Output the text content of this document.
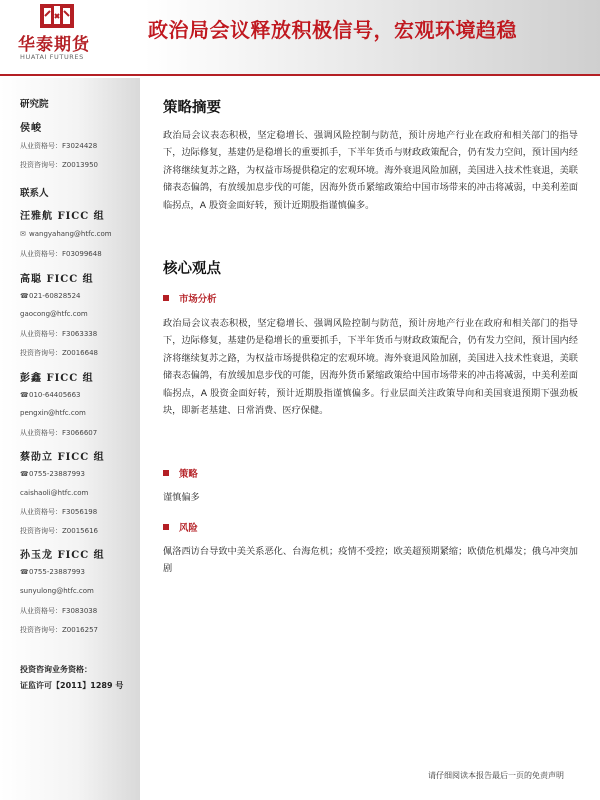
华泰期货
HUATAI FUTURES
政治局会议释放积极信号，宏观环境趋稳
研究院
侯峻
从业资格号：F3024428
投资咨询号：Z0013950
联系人
汪雅航 FICC 组
✉ wangyahang@htfc.com
从业资格号：F03099648
高聪 FICC 组
☎021-60828524
gaocong@htfc.com
从业资格号：F3063338
投资咨询号：Z0016648
彭鑫 FICC 组
☎010-64405663
pengxin@htfc.com
从业资格号：F3066607
蔡劭立 FICC 组
☎0755-23887993
caishaoli@htfc.com
从业资格号：F3056198
投资咨询号：Z0015616
孙玉龙 FICC 组
☎0755-23887993
sunyulong@htfc.com
从业资格号：F3083038
投资咨询号：Z0016257
投资咨询业务资格：
证监许可【2011】1289 号
策略摘要
政治局会议表态积极，坚定稳增长、强调风险控制与防范，预计房地产行业在政府和相关部门的指导下，边际修复，基建仍是稳增长的重要抓手，下半年货币与财政政策配合，仍有发力空间，预计国内经济将继续复苏之路，为权益市场提供稳定的宏观环境。海外衰退风险加剧，美国进入技术性衰退，美联储表态偏鸽，有放缓加息步伐的可能，因海外货币紧缩政策给中国市场带来的冲击将减弱，中美利差面临拐点，A 股资金面好转，预计近期股指谨慎偏多。
核心观点
市场分析
政治局会议表态积极，坚定稳增长、强调风险控制与防范，预计房地产行业在政府和相关部门的指导下，边际修复，基建仍是稳增长的重要抓手，下半年货币与财政政策配合，仍有发力空间，预计国内经济将继续复苏之路，为权益市场提供稳定的宏观环境。海外衰退风险加剧，美国进入技术性衰退，美联储表态偏鸽，有放缓加息步伐的可能，因海外货币紧缩政策给中国市场带来的冲击将减弱，中美利差面临拐点，A 股资金面好转，预计近期股指谨慎偏多。行业层面关注政策导向和美国衰退预期下强劲板块，即新老基建、日常消费、医疗保健。
策略
谨慎偏多
风险
佩洛西访台导致中美关系恶化、台海危机；疫情不受控；欧美超预期紧缩；欧债危机爆发；俄乌冲突加剧
请仔细阅读本报告最后一页的免责声明
